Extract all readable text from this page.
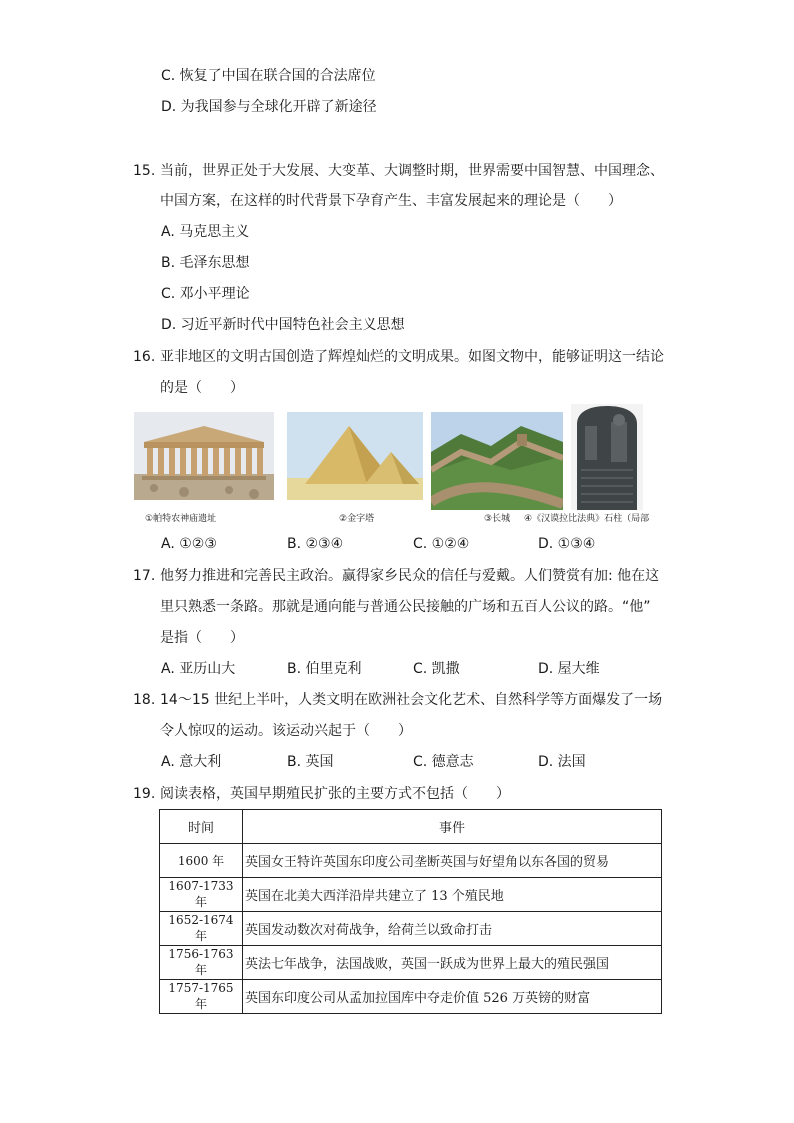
C. 恢复了中国在联合国的合法席位
D. 为我国参与全球化开辟了新途径
15. 当前，世界正处于大发展、大变革、大调整时期，世界需要中国智慧、中国理念、
中国方案，在这样的时代背景下孕育产生、丰富发展起来的理论是（　　）
A. 马克思主义
B. 毛泽东思想
C. 邓小平理论
D. 习近平新时代中国特色社会主义思想
16. 亚非地区的文明古国创造了辉煌灿烂的文明成果。如图文物中，能够证明这一结论
的是（　　）
①帕特农神庙遗址	②金字塔	③长城 ④《汉谟拉比法典》石柱（局部
A. ①②③	B. ②③④	C. ①②④	D. ①③④
17. 他努力推进和完善民主政治。赢得家乡民众的信任与爱戴。人们赞赏有加: 他在这
里只熟悉一条路。那就是通向能与普通公民接触的广场和五百人公议的路。“他”
是指（　　）
A. 亚历山大	B. 伯里克利	C. 凯撒	D. 屋大维
18. 14～15 世纪上半叶，人类文明在欧洲社会文化艺术、自然科学等方面爆发了一场
令人惊叹的运动。该运动兴起于（　　）
A. 意大利	B. 英国	C. 德意志	D. 法国
19. 阅读表格，英国早期殖民扩张的主要方式不包括（　　）
时间	事件
1600 年	英国女王特许英国东印度公司垄断英国与好望角以东各国的贸易
1607-1733 年	英国在北美大西洋沿岸共建立了 13 个殖民地
1652-1674 年	英国发动数次对荷战争，给荷兰以致命打击
1756-1763 年	英法七年战争，法国战败，英国一跃成为世界上最大的殖民强国
1757-1765 年	英国东印度公司从孟加拉国库中夺走价值 526 万英镑的财富
